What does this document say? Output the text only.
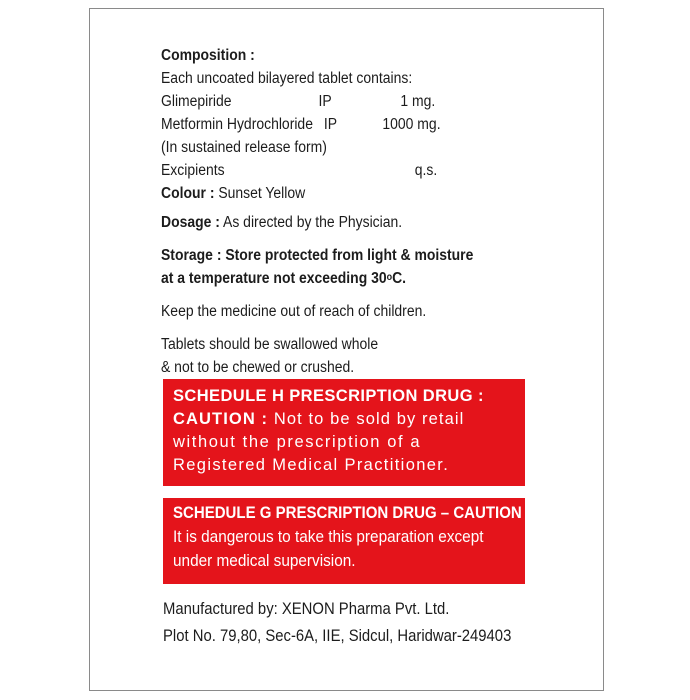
Composition :
Each uncoated bilayered tablet contains:
Glimepiride	IP	1 mg.
Metformin Hydrochloride IP	1000 mg.
(In sustained release form)
Excipients	q.s.
Colour : Sunset Yellow
Dosage : As directed by the Physician.
Storage : Store protected from light & moisture
at a temperature not exceeding 30$^o$C.
Keep the medicine out of reach of children.
Tablets should be swallowed whole
& not to be chewed or crushed.
SCHEDULE H PRESCRIPTION DRUG :
CAUTION : Not to be sold by retail
without the prescription of a
Registered Medical Practitioner.
SCHEDULE G PRESCRIPTION DRUG – CAUTION
It is dangerous to take this preparation except
under medical supervision.
Manufactured by: XENON Pharma Pvt. Ltd.
Plot No. 79,80, Sec-6A, IIE, Sidcul, Haridwar-249403
